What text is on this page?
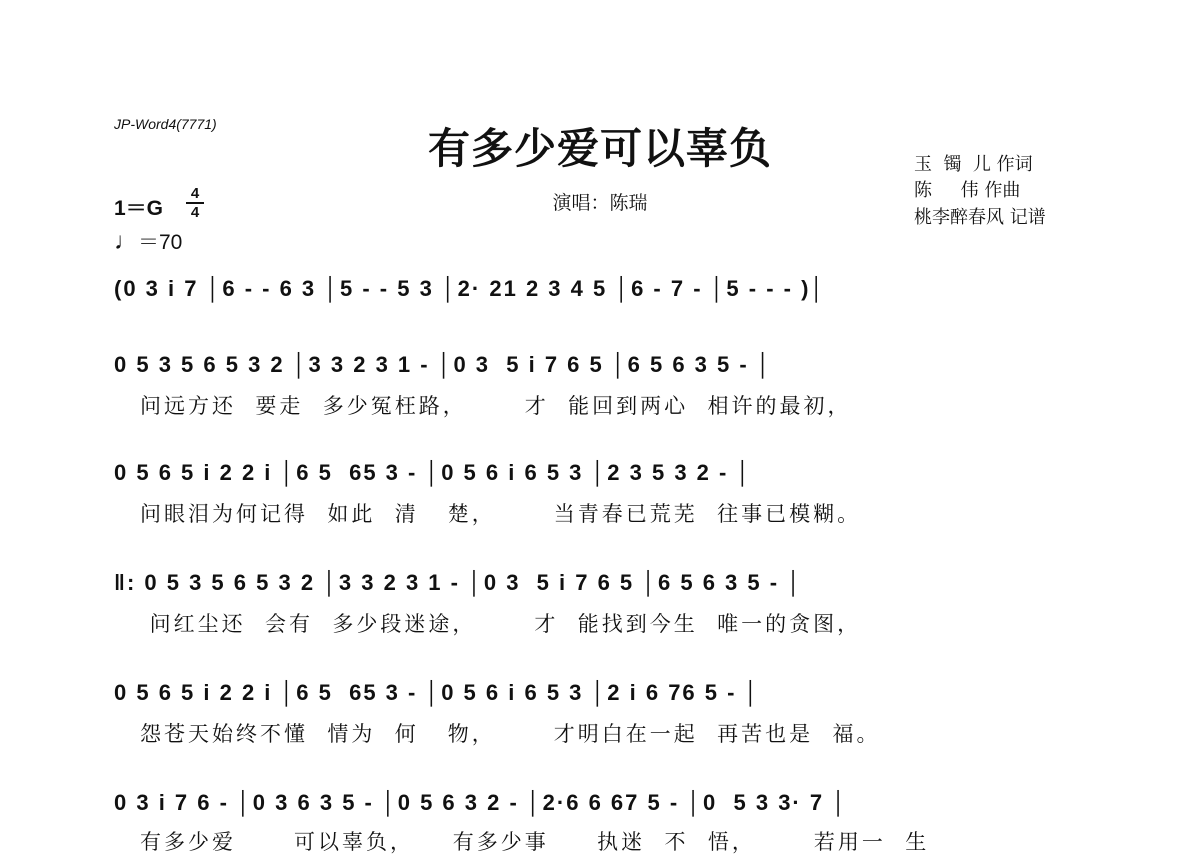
JP-Word4(7771)	有多少爱可以辜负
演唱：陈瑞
玉  镯  儿 作词
陈     伟 作曲
桃李醉春风 记谱
1＝G
4
4
♩＝70
(0 3 i 7 │6 - - 6 3 │5 - - 5 3 │2· 21 2 3 4 5 │6 - 7 - │5 - - - )│
0 5 3 5 6 5 3 2 │3 3 2 3 1 - │0 3  5 i 7 6 5 │6 5 6 3 5 - │
问远方还  要走  多少冤枉路，      才  能回到两心  相许的最初，
0 5 6 5 i 2 2 i │6 5  65 3 - │0 5 6 i 6 5 3 │2 3 5 3 2 - │
问眼泪为何记得  如此  清   楚，      当青春已荒芜  往事已模糊。
‖: 0 5 3 5 6 5 3 2 │3 3 2 3 1 - │0 3  5 i 7 6 5 │6 5 6 3 5 - │
问红尘还  会有  多少段迷途，      才  能找到今生  唯一的贪图，
0 5 6 5 i 2 2 i │6 5  65 3 - │0 5 6 i 6 5 3 │2 i 6 76 5 - │
怨苍天始终不懂  情为  何   物，      才明白在一起  再苦也是  福。
0 3 i 7 6 - │0 3 6 3 5 - │0 5 6 3 2 - │2·6 6 67 5 - │0  5 3 3· 7 │
有多少爱      可以辜负，    有多少事     执迷  不  悟，      若用一  生
